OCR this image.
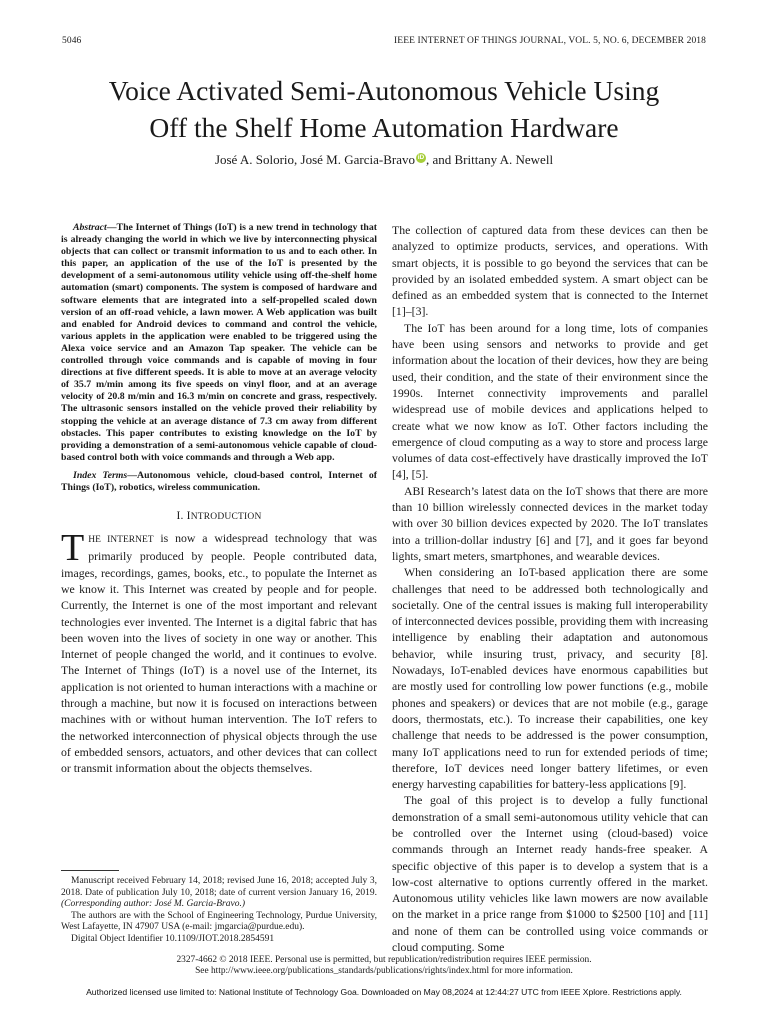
5046	IEEE INTERNET OF THINGS JOURNAL, VOL. 5, NO. 6, DECEMBER 2018
Voice Activated Semi-Autonomous Vehicle Using
Off the Shelf Home Automation Hardware
José A. Solorio, José M. Garcia-Bravo iD , and Brittany A. Newell

Abstract—The Internet of Things (IoT) is a new trend in technology that is already changing the world in which we live by interconnecting physical objects that can collect or transmit information to us and to each other. In this paper, an application of the use of the IoT is presented by the development of a semi-autonomous utility vehicle using off-the-shelf home automation (smart) components. The system is composed of hardware and software elements that are integrated into a self-propelled scaled down version of an off-road vehicle, a lawn mower. A Web application was built and enabled for Android devices to command and control the vehicle, various applets in the application were enabled to be triggered using the Alexa voice service and an Amazon Tap speaker. The vehicle can be controlled through voice commands and is capable of moving in four directions at five different speeds. It is able to move at an average velocity of 35.7 m/min among its five speeds on vinyl floor, and at an average velocity of 20.8 m/min and 16.3 m/min on concrete and grass, respectively. The ultrasonic sensors installed on the vehicle proved their reliability by stopping the vehicle at an average distance of 7.3 cm away from different obstacles. This paper contributes to existing knowledge on the IoT by providing a demonstration of a semi-autonomous vehicle capable of cloud-based control both with voice commands and through a Web app.

Index Terms—Autonomous vehicle, cloud-based control, Internet of Things (IoT), robotics, wireless communication.

I. INTRODUCTION

THE INTERNET is now a widespread technology that was primarily produced by people. People contributed data, images, recordings, games, books, etc., to populate the Internet as we know it. This Internet was created by people and for people. Currently, the Internet is one of the most important and relevant technologies ever invented. The Internet is a digital fabric that has been woven into the lives of society in one way or another. This Internet of people changed the world, and it continues to evolve. The Internet of Things (IoT) is a novel use of the Internet, its application is not oriented to human interactions with a machine or through a machine, but now it is focused on interactions between machines with or without human intervention. The IoT refers to the networked interconnection of physical objects through the use of embedded sensors, actuators, and other devices that can collect or transmit information about the objects themselves.

Manuscript received February 14, 2018; revised June 16, 2018; accepted July 3, 2018. Date of publication July 10, 2018; date of current version January 16, 2019. (Corresponding author: José M. Garcia-Bravo.)

The authors are with the School of Engineering Technology, Purdue University, West Lafayette, IN 47907 USA (e-mail: jmgarcia@purdue.edu).

Digital Object Identifier 10.1109/JIOT.2018.2854591

The collection of captured data from these devices can then be analyzed to optimize products, services, and operations. With smart objects, it is possible to go beyond the services that can be provided by an isolated embedded system. A smart object can be defined as an embedded system that is connected to the Internet [1]–[3].

The IoT has been around for a long time, lots of companies have been using sensors and networks to provide and get information about the location of their devices, how they are being used, their condition, and the state of their environment since the 1990s. Internet connectivity improvements and parallel widespread use of mobile devices and applications helped to create what we now know as IoT. Other factors including the emergence of cloud computing as a way to store and process large volumes of data cost-effectively have drastically improved the IoT [4], [5].

ABI Research’s latest data on the IoT shows that there are more than 10 billion wirelessly connected devices in the market today with over 30 billion devices expected by 2020. The IoT translates into a trillion-dollar industry [6] and [7], and it goes far beyond lights, smart meters, smartphones, and wearable devices.

When considering an IoT-based application there are some challenges that need to be addressed both technologically and societally. One of the central issues is making full interoperability of interconnected devices possible, providing them with increasing intelligence by enabling their adaptation and autonomous behavior, while insuring trust, privacy, and security [8]. Nowadays, IoT-enabled devices have enormous capabilities but are mostly used for controlling low power functions (e.g., mobile phones and speakers) or devices that are not mobile (e.g., garage doors, thermostats, etc.). To increase their capabilities, one key challenge that needs to be addressed is the power consumption, many IoT applications need to run for extended periods of time; therefore, IoT devices need longer battery lifetimes, or even energy harvesting capabilities for battery-less applications [9].

The goal of this project is to develop a fully functional demonstration of a small semi-autonomous utility vehicle that can be controlled over the Internet using (cloud-based) voice commands through an Internet ready hands-free speaker. A specific objective of this paper is to develop a system that is a low-cost alternative to options currently offered in the market. Autonomous utility vehicles like lawn mowers are now available on the market in a price range from $1000 to $2500 [10] and [11] and none of them can be controlled using voice commands or cloud computing. Some

2327-4662 © 2018 IEEE. Personal use is permitted, but republication/redistribution requires IEEE permission.
See http://www.ieee.org/publications_standards/publications/rights/index.html for more information.
Authorized licensed use limited to: National Institute of Technology Goa. Downloaded on May 08,2024 at 12:44:27 UTC from IEEE Xplore. Restrictions apply.
